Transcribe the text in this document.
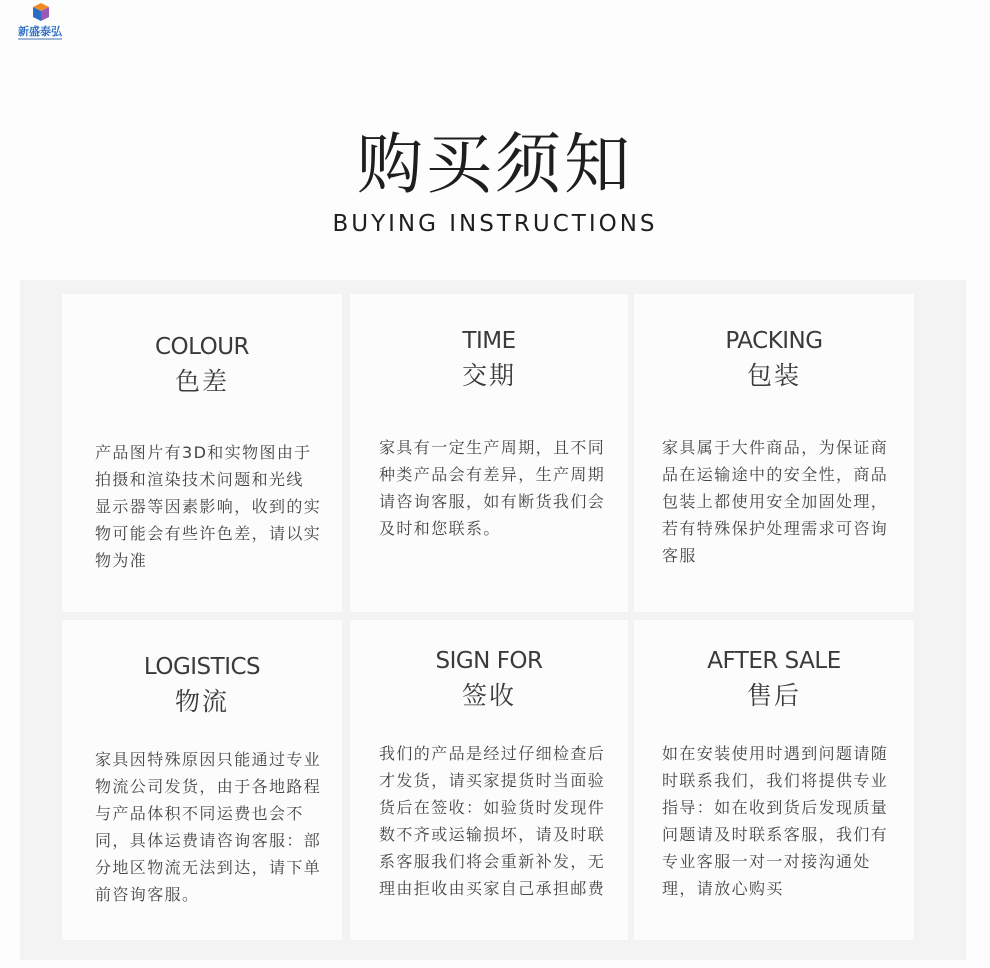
新盛泰弘
购买须知
BUYING INSTRUCTIONS
COLOUR
色差
产品图片有3D和实物图由于拍摄和渲染技术问题和光线 显示器等因素影响，收到的实物可能会有些许色差，请以实物为准
TIME
交期
家具有一定生产周期，且不同种类产品会有差异，生产周期请咨询客服，如有断货我们会及时和您联系。
PACKING
包装
家具属于大件商品，为保证商品在运输途中的安全性，商品包装上都使用安全加固处理，若有特殊保护处理需求可咨询客服
LOGISTICS
物流
家具因特殊原因只能通过专业物流公司发货，由于各地路程与产品体积不同运费也会不同，具体运费请咨询客服：部分地区物流无法到达，请下单前咨询客服。
SIGN FOR
签收
我们的产品是经过仔细检查后才发货，请买家提货时当面验货后在签收：如验货时发现件数不齐或运输损坏，请及时联系客服我们将会重新补发，无理由拒收由买家自己承担邮费
AFTER SALE
售后
如在安装使用时遇到问题请随时联系我们，我们将提供专业指导：如在收到货后发现质量问题请及时联系客服，我们有专业客服一对一对接沟通处理，请放心购买
